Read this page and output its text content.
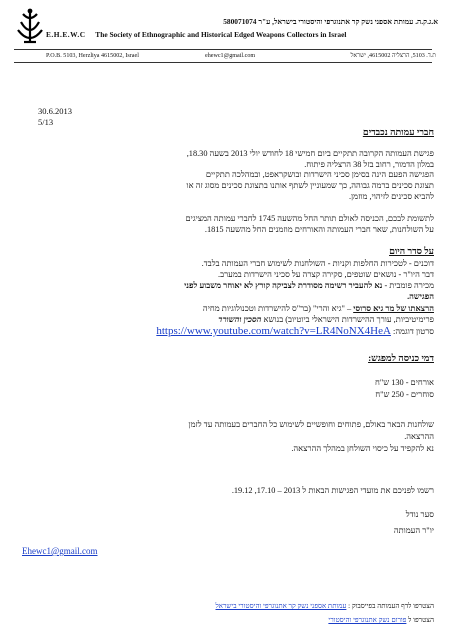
א.ג.ק.ה. עמותת אספני נשק קר אתנוגרפי והיסטורי בישראל, ע"ר 580071074
E.H.E.W.C The Society of Ethnographic and Historical Edged Weapons Collectors in Israel
P.O.B. 5103, Herzliya 4615002, Israel	ehewc1@gmail.com	ת.ד. 5103, הרצליה 4615002, ישראל
30.6.2013
5/13
חברי עמותה נכבדים
פגישת העמותה הקרובה תתקיים ביום חמישי 18 לחודש יולי 2013 בשעה 18.30,
במלון הדמור, רחוב בזל 38 הרצליה פיתוח.
הפגישה הפעם הינה בסימן סכיני הישרדות ובושקראפט, ובמהלכה תתקיים
תצוגת סכינים ברמה גבוהה, כך שמעוניין לשתף אותנו בתצוגת סכינים מסוג זה או
להביא סכינים לזיהוי, מוזמן.
לתשומת לבכם, הכניסה לאולם תותר החל מהשעה 1745 לחברי עמותה המציגים
על השולחנות, שאר חברי העמותה והאורחים מוזמנים החל מהשעה 1815.
על סדר היום
דוכנים - לטכירות החלפות וקניות - השולחנות לשימוש חברי העמותה בלבד.
דבר היו"ר - נושאים שוטפים, סקירה קצרה על סכיני הישרדות במערב.
מכירה פומבית - נא להעביר רשימה מסודרת לצביקה קורץ לא יאוחר משבוע לפני
הפגישה.
הרצאתו של מר גיא סרוסי – "גיא והרי" (בר"ס להישרדות וטכנולוגיות מחיה
פרימיטיביות, עורך ההישרדות הישראלי ביוטיוב) בנושא הסכין והשורד
סרטון דוגמה: https://www.youtube.com/watch?v=LR4NoNX4HeA
דמי כניסה למפגש:
אורחים - 130 ש"ח
סוחרים - 250 ש"ח
שולחנות הבאר באולם, פתוחים וחופשיים לשימוש כל החברים בעמותה עד לזמן
ההרצאה.
נא להקפיד על כיסוי השולחן במהלך ההרצאה.
רשמו לפניכם את מועדי הפגישות הבאות ל 2013 – 17.10, 19.12.
סער נודל
יו"ר העמותה
Ehewc1@gmail.com
הצטרפו לדף העמותה בפייסבוק : עמותת אספני נשק קר אתנוגרפי והיסטורי בישראל
הצטרפו ל פורום נשק אתנוגרפי והיסטורי
